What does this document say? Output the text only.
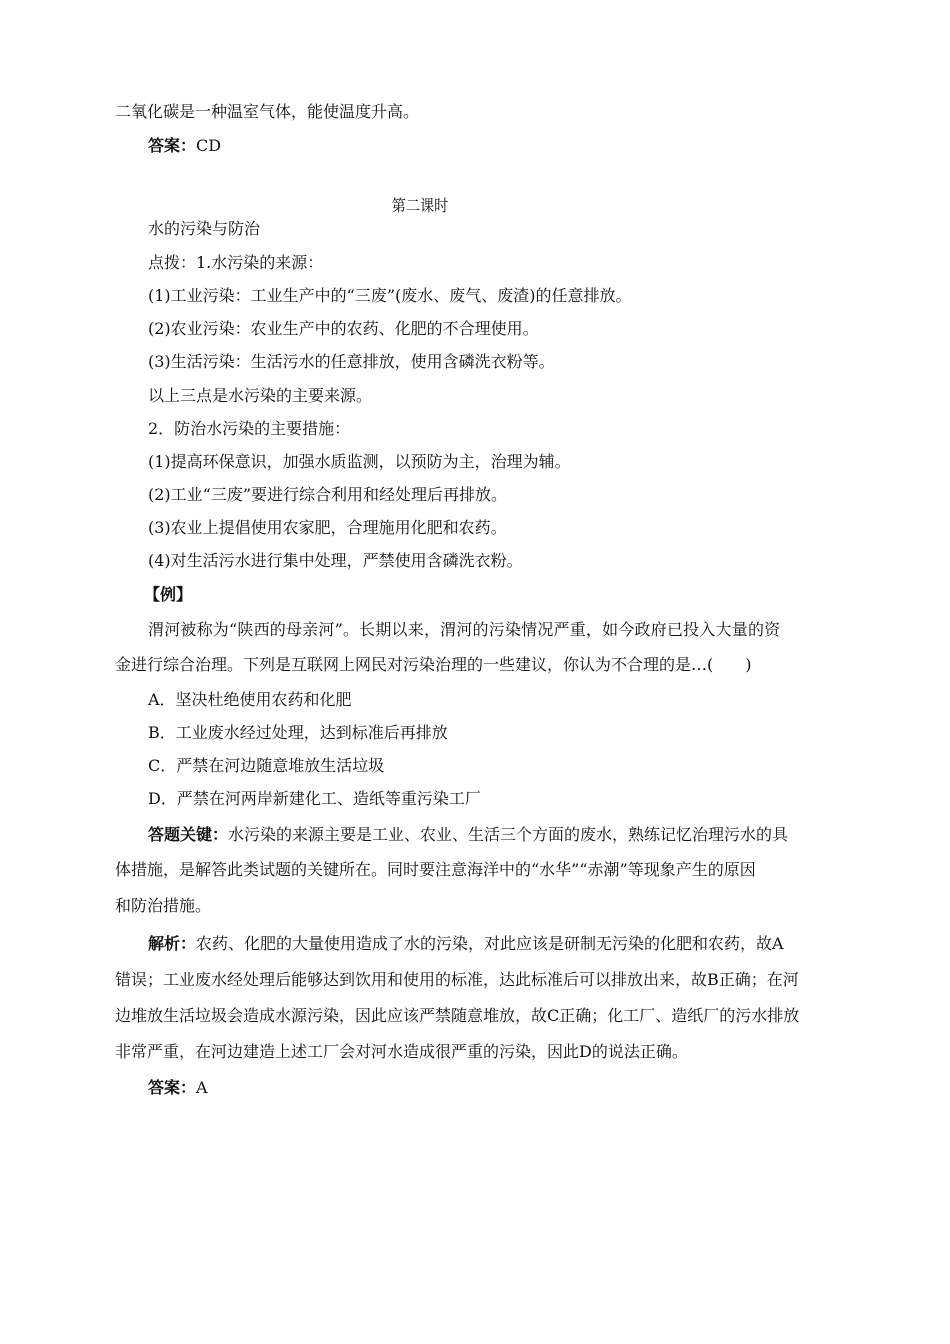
二氧化碳是一种温室气体，能使温度升高。
答案：CD
第二课时
水的污染与防治
点拨：1.水污染的来源：
(1)工业污染：工业生产中的“三废”(废水、废气、废渣)的任意排放。
(2)农业污染：农业生产中的农药、化肥的不合理使用。
(3)生活污染：生活污水的任意排放，使用含磷洗衣粉等。
以上三点是水污染的主要来源。
2．防治水污染的主要措施：
(1)提高环保意识，加强水质监测，以预防为主，治理为辅。
(2)工业“三废”要进行综合利用和经处理后再排放。
(3)农业上提倡使用农家肥，合理施用化肥和农药。
(4)对生活污水进行集中处理，严禁使用含磷洗衣粉。
【例】
渭河被称为“陕西的母亲河”。长期以来，渭河的污染情况严重，如今政府已投入大量的资
金进行综合治理。下列是互联网上网民对污染治理的一些建议，你认为不合理的是…(　　)
A．坚决杜绝使用农药和化肥
B．工业废水经过处理，达到标准后再排放
C．严禁在河边随意堆放生活垃圾
D．严禁在河两岸新建化工、造纸等重污染工厂
答题关键：水污染的来源主要是工业、农业、生活三个方面的废水，熟练记忆治理污水的具
体措施，是解答此类试题的关键所在。同时要注意海洋中的“水华”“赤潮”等现象产生的原因
和防治措施。
解析：农药、化肥的大量使用造成了水的污染，对此应该是研制无污染的化肥和农药，故A
错误；工业废水经处理后能够达到饮用和使用的标准，达此标准后可以排放出来，故B正确；在河
边堆放生活垃圾会造成水源污染，因此应该严禁随意堆放，故C正确；化工厂、造纸厂的污水排放
非常严重，在河边建造上述工厂会对河水造成很严重的污染，因此D的说法正确。
答案：A
